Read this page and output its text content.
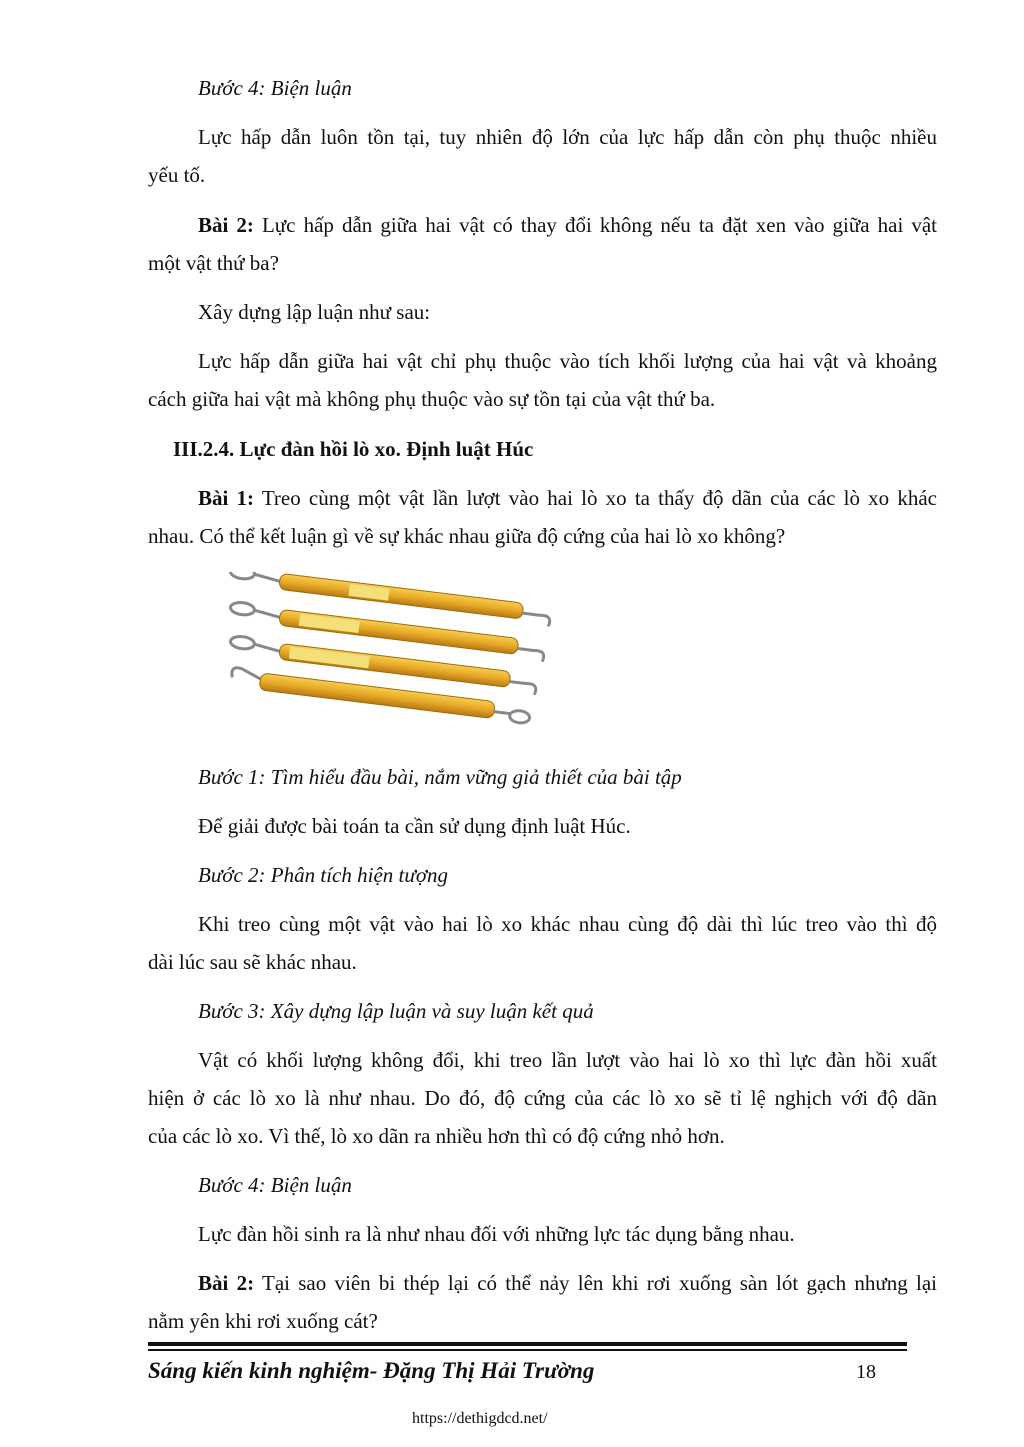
Bước 4: Biện luận
Lực hấp dẫn luôn tồn tại, tuy nhiên độ lớn của lực hấp dẫn còn phụ thuộc nhiều
yếu tố.
Bài 2: Lực hấp dẫn giữa hai vật có thay đổi không nếu ta đặt xen vào giữa hai vật
một vật thứ ba?
Xây dựng lập luận như sau:
Lực hấp dẫn giữa hai vật chỉ phụ thuộc vào tích khối lượng của hai vật và khoảng
cách giữa hai vật mà không phụ thuộc vào sự tồn tại của vật thứ ba.
III.2.4. Lực đàn hồi lò xo. Định luật Húc
Bài 1: Treo cùng một vật lần lượt vào hai lò xo ta thấy độ dãn của các lò xo khác
nhau. Có thể kết luận gì về sự khác nhau giữa độ cứng của hai lò xo không?
Bước 1: Tìm hiểu đầu bài, nắm vững giả thiết của bài tập
Để giải được bài toán ta cần sử dụng định luật Húc.
Bước 2: Phân tích hiện tượng
Khi treo cùng một vật vào hai lò xo khác nhau cùng độ dài thì lúc treo vào thì độ
dài lúc sau sẽ khác nhau.
Bước 3: Xây dựng lập luận và suy luận kết quả
Vật có khối lượng không đổi, khi treo lần lượt vào hai lò xo thì lực đàn hồi xuất
hiện ở các lò xo là như nhau. Do đó, độ cứng của các lò xo sẽ tỉ lệ nghịch với độ dãn
của các lò xo. Vì thế, lò xo dãn ra nhiều hơn thì có độ cứng nhỏ hơn.
Bước 4: Biện luận
Lực đàn hồi sinh ra là như nhau đối với những lực tác dụng bằng nhau.
Bài 2: Tại sao viên bi thép lại có thể nảy lên khi rơi xuống sàn lót gạch nhưng lại
nằm yên khi rơi xuống cát?
Sáng kiến kinh nghiệm- Đặng Thị Hải Trường	18
https://dethigdcd.net/
